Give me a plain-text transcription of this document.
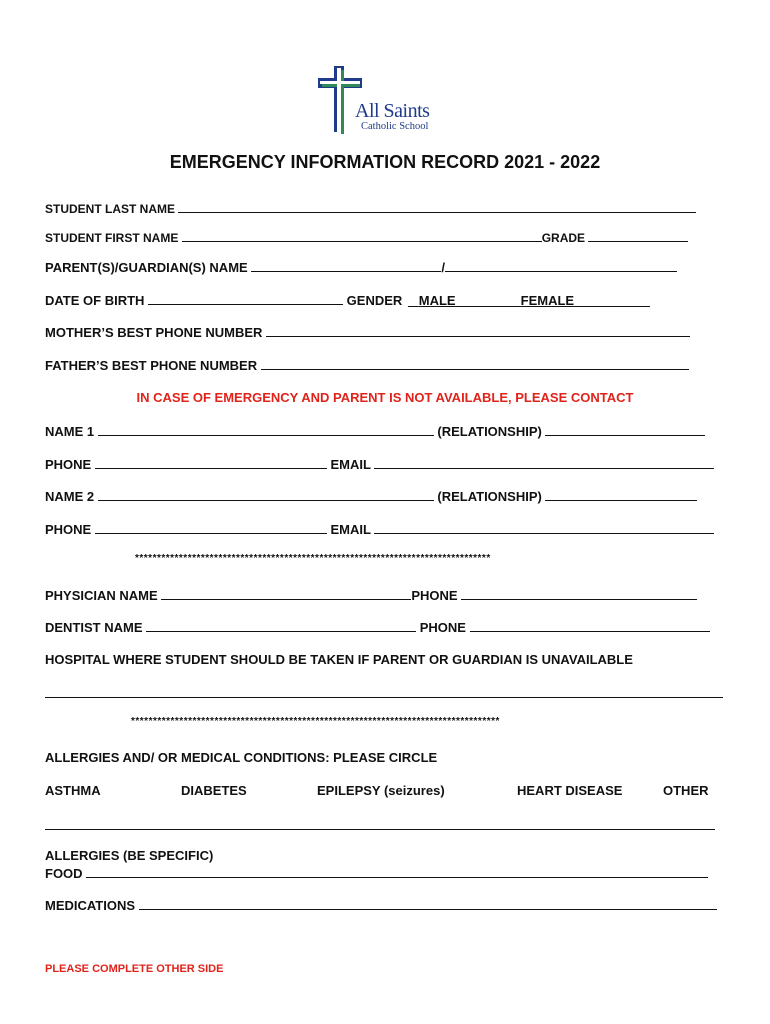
All Saints
Catholic School
EMERGENCY INFORMATION RECORD 2021 - 2022
STUDENT LAST NAME
STUDENT FIRST NAME	GRADE
PARENT(S)/GUARDIAN(S) NAME	/
DATE OF BIRTH	GENDER MALE	FEMALE
MOTHER’S BEST PHONE NUMBER
FATHER’S BEST PHONE NUMBER
IN CASE OF EMERGENCY AND PARENT IS NOT AVAILABLE, PLEASE CONTACT
NAME 1	(RELATIONSHIP)
PHONE	EMAIL
NAME 2	(RELATIONSHIP)
PHONE	EMAIL
*********************************************************************************
PHYSICIAN NAME	PHONE
DENTIST NAME	PHONE
HOSPITAL WHERE STUDENT SHOULD BE TAKEN IF PARENT OR GUARDIAN IS UNAVAILABLE
************************************************************************************
ALLERGIES AND/ OR MEDICAL CONDITIONS: PLEASE CIRCLE
ASTHMA	DIABETES	EPILEPSY (seizures)	HEART DISEASE	OTHER
ALLERGIES (BE SPECIFIC)
FOOD
MEDICATIONS
PLEASE COMPLETE OTHER SIDE
